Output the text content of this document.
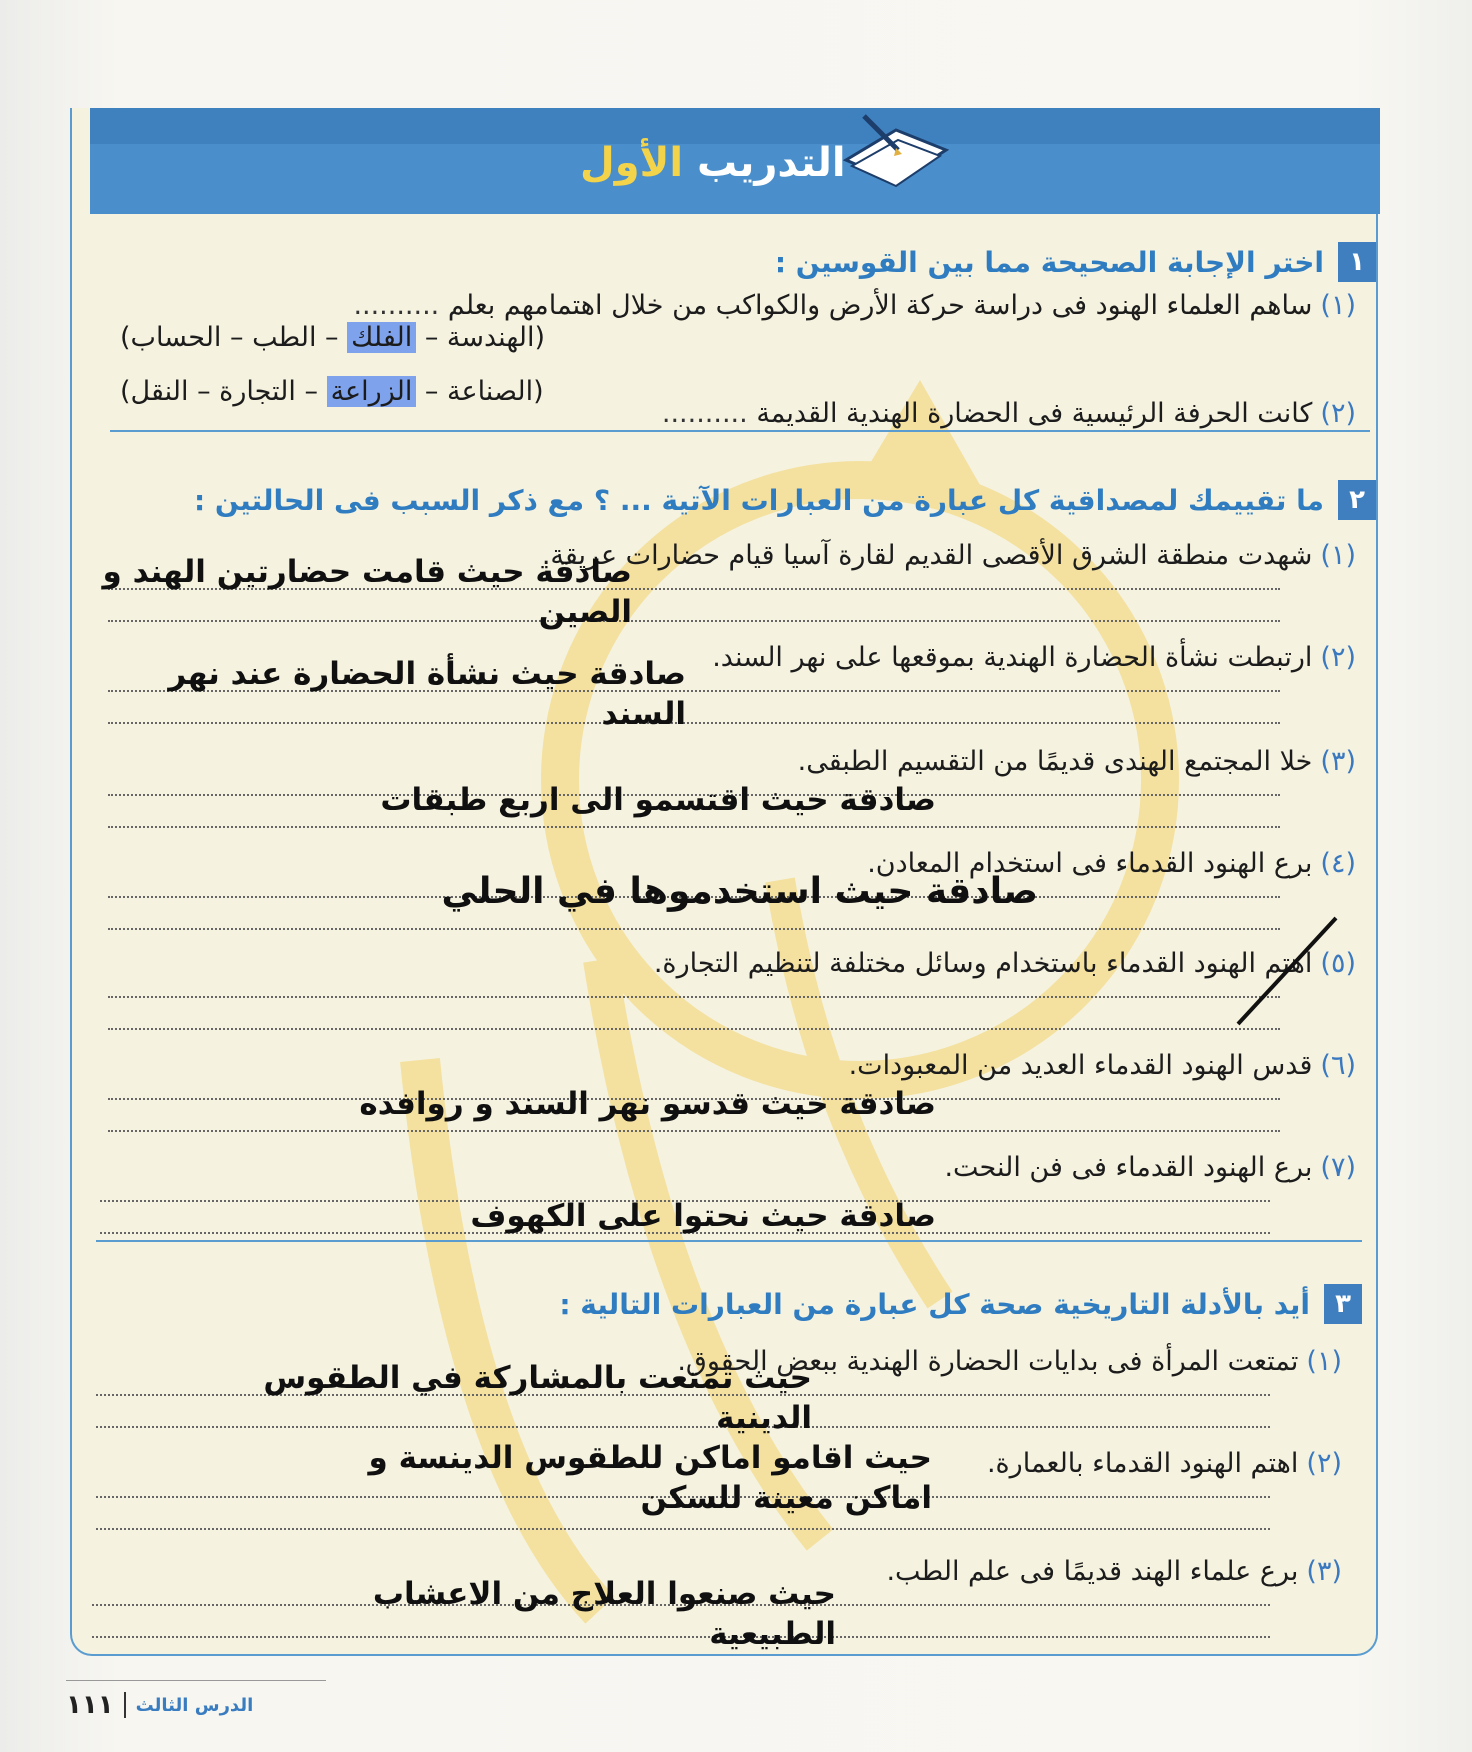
التدريب الأول
١
اختر الإجابة الصحيحة مما بين القوسين :
(١)ساهم العلماء الهنود فى دراسة حركة الأرض والكواكب من خلال اهتمامهم بعلم ..........
(الهندسة – الفلك – الطب – الحساب)
(٢)كانت الحرفة الرئيسية فى الحضارة الهندية القديمة ..........
(الصناعة – الزراعة – التجارة – النقل)
٢
ما تقييمك لمصداقية كل عبارة من العبارات الآتية ... ؟ مع ذكر السبب فى الحالتين :
(١)شهدت منطقة الشرق الأقصى القديم لقارة آسيا قيام حضارات عريقة.
صادقة حيث قامت حضارتين الهند و
الصين
(٢)ارتبطت نشأة الحضارة الهندية بموقعها على نهر السند.
صادقة حيث نشأة الحضارة عند نهر
السند
(٣)خلا المجتمع الهندى قديمًا من التقسيم الطبقى.
صادقة حيث اقتسمو الى اربع طبقات
(٤)برع الهنود القدماء فى استخدام المعادن.
صادقة حيث استخدموها في الحلي
(٥)اهتم الهنود القدماء باستخدام وسائل مختلفة لتنظيم التجارة.
(٦)قدس الهنود القدماء العديد من المعبودات.
صادقة حيث قدسو نهر السند و روافده
(٧)برع الهنود القدماء فى فن النحت.
صادقة حيث نحتوا على الكهوف
٣
أيد بالأدلة التاريخية صحة كل عبارة من العبارات التالية :
(١)تمتعت المرأة فى بدايات الحضارة الهندية ببعض الحقوق.
حيث تمتعت بالمشاركة في الطقوس
الدينية
(٢)اهتم الهنود القدماء بالعمارة.
حيث اقامو اماكن للطقوس الدينسة و
اماكن معينة للسكن
(٣)برع علماء الهند قديمًا فى علم الطب.
حيث صنعوا العلاج من الاعشاب
الطبيعية
الدرس الثالث
١١١
